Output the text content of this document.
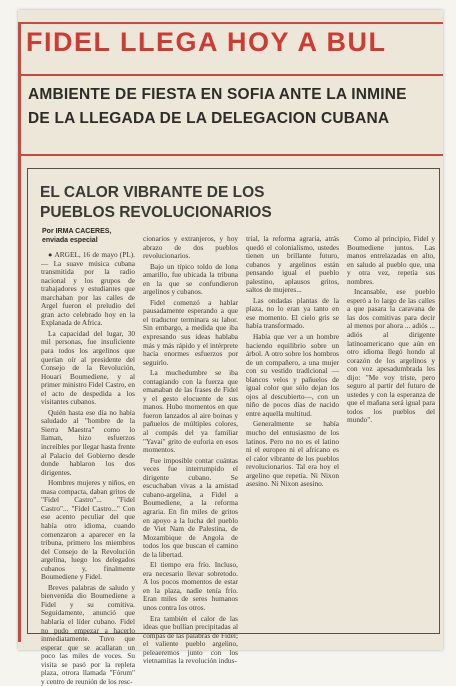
FIDEL LLEGA HOY A BUL
AMBIENTE DE FIESTA EN SOFIA ANTE LA INMINE
DE LA LLEGADA DE LA DELEGACION CUBANA
EL CALOR VIBRANTE DE LOS PUEBLOS REVOLUCIONARIOS
Por IRMA CACERES,
enviada especial

● ARGEL, 16 de mayo (PL).— La suave música cubana transmitida por la radio nacional y los grupos de trabajadores y estudiantes que marchaban por las calles de Argel fueron el preludio del gran acto celebrado hoy en la Explanada de Africa.

La capacidad del lugar, 30 mil personas, fue insuficiente para todos los argelinos que querían oír al presidente del Consejo de la Revolución, Houari Boumediene, y al primer ministro Fidel Castro, en el acto de despedida a los visitantes cubanos.

Quién hasta ese día no había saludado al "hombre de la Sierra Maestra" como lo llaman, hizo esfuerzos increíbles por llegar hasta frente al Palacio del Gobierno desde donde hablaron los dos dirigentes.

Hombres mujeres y niños, en masa compacta, daban gritos de "Fidel Castro"... "Fidel Castro"... "Fidel Castro..." Con ese acento peculiar del que había otro idioma, cuando comenzaron a aparecer en la tribuna, primero los miembros del Consejo de la Revolución argelina, luego los delegados cubanos y, finalmente Boumediene y Fidel.

Breves palabras de saludo y bienvenida dio Boumediene a Fidel y su comitiva. Seguidamente, anunció que hablaría el líder cubano. Fidel no pudo empezar a hacerlo inmediatamente. Tuvo que esperar que se acallaran un poco las miles de voces. Su visita se pasó por la repleta plaza, otrora llamada "Fórum" y centro de reunión de los resc-

cionarios y extranjeros, y hoy abrazo de dos pueblos revolucionarios.

Bajo un típico toldo de lona amarillo, fue ubicada la tribuna en la que se confundieron argelinos y cubanos.

Fidel comenzó a hablar pausadamente esperando a que el traductor terminara su labor. Sin embargo, a medida que iba expresando sus ideas hablaba más y más rápido y el intérprete hacía enormes esfuerzos por seguirlo.

La muchedumbre se iba contagiando con la fuerza que emanaban de las frases de Fidel y el gesto elocuente de sus manos. Hubo momentos en que fueron lanzados al aire boinas y pañuelos de múltiples colores, al compás del ya familiar "Yavai" grito de euforia en esos momentos.

Fue imposible contar cuántas veces fue interrumpido el dirigente cubano. Se escuchaban vivas a la amistad cubano-argelina, a Fidel a Boumediene, a la reforma agraria. En fin miles de gritos en apoyo a la lucha del pueblo de Viet Nam de Palestina, de Mozambique de Angola de todos los que buscan el camino de la libertad.

El tiempo era frío. Incluso, era necesario llevar sobretodo. A los pocos momentos de estar en la plaza, nadie tenía frío. Eran miles de seres humanos unos contra los otros.

Era también el calor de las ideas que bullían precipitadas al compás de las palabras de Fidel; el valiente pueblo argelino, peleaeremos junto con los vietnamitas la revolución indus-

trial, la reforma agraria, atrás quedó el colonialismo, ustedes tienen un brillante futuro, cubanos y argelinos están pensando igual el pueblo palestino, aplausos gritos, saltos de mujeres...

Las ondadas plantas de la plaza, no lo eran ya tanto en ese momento. El cielo gris se había transformado.

Había que ver a un hombre haciendo equilibrio sobre un árbol. A otro sobre los hombros de un compañero, a una mujer con su vestido tradicional —blancos velos y pañuelos de igual color que sólo dejan los ojos al descubierto—, con un niño de pocos días de nacido entre aquella multitud.

Generalmente se había mucho del entusiasmo de los latinos. Pero no no es el latino ni el europeo ni el africano es el calor vibrante de los pueblos revolucionarios. Tal era hoy el argelino que repetía. Ni Nixon asesino. Ni Nixon asesino.

Como al principio, Fidel y Boumediene juntos. Las manos entrelazadas en alto, en saludo al pueblo que, una y otra vez, repetía sus nombres.

Incansable, ese pueblo esperó a lo largo de las calles a que pasara la caravana de las dos comitivas para decir al menos por ahora ... adiós ... adiós al dirigente latinoamericano que aún en otro idioma llegó hondo al corazón de los argelinos y con voz apesadumbrada les dijo: "Me voy triste, pero seguro al partir del futuro de ustedes y con la esperanza de que el mañana será igual para todos los pueblos del mundo".
